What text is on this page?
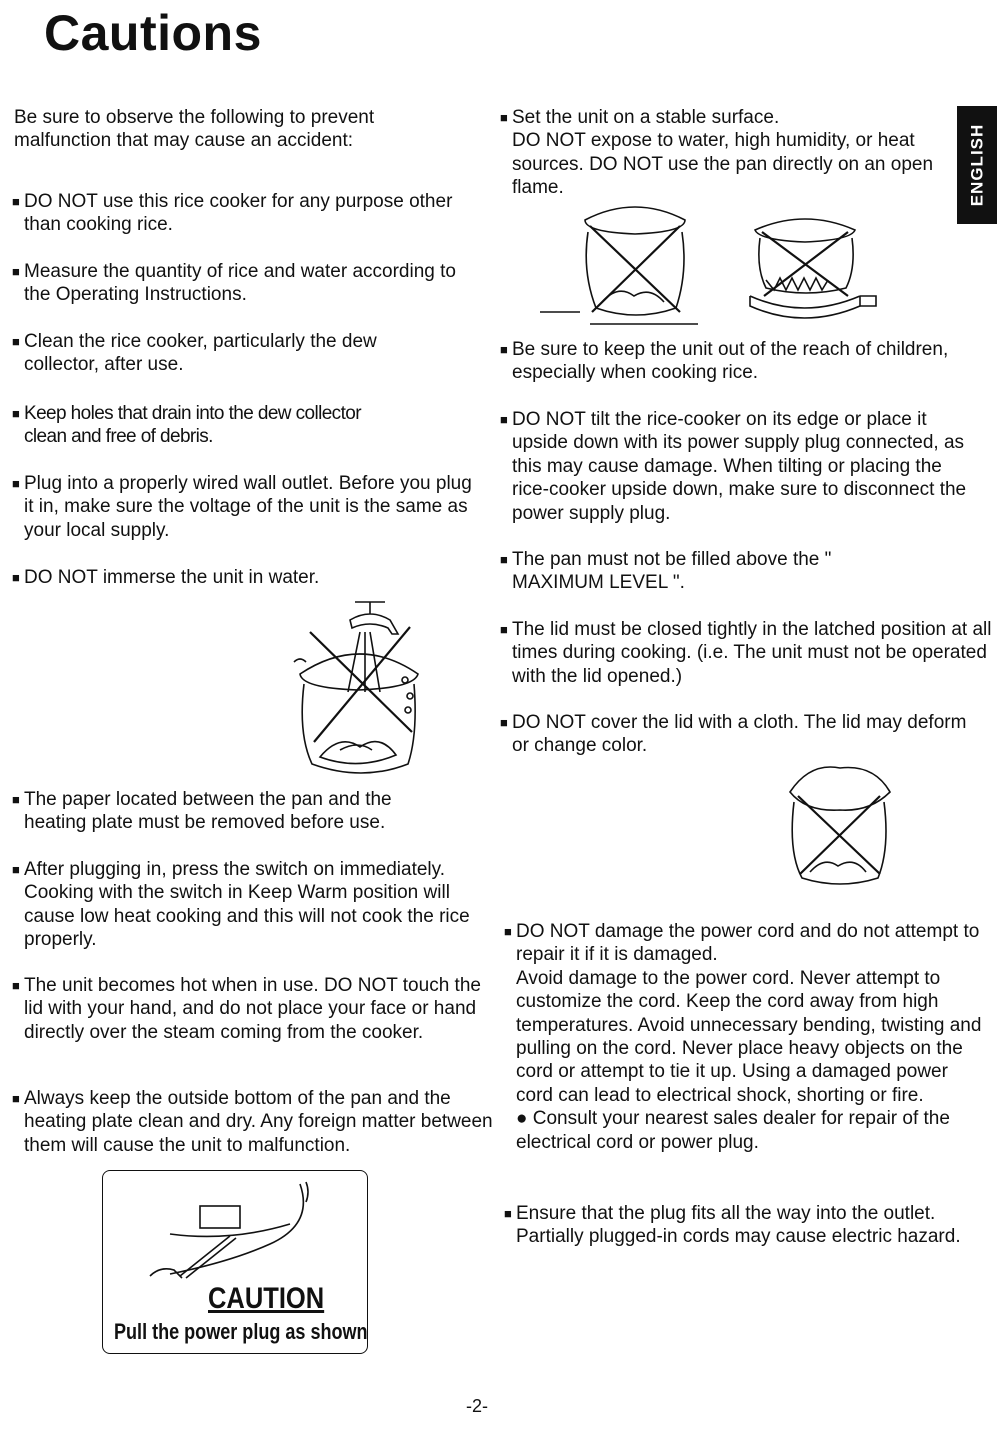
Cautions
ENGLISH

Be sure to observe the following to prevent malfunction that may cause an accident:

■ DO NOT use this rice cooker for any purpose other than cooking rice.

■ Measure the quantity of rice and water according to the Operating Instructions.

■ Clean the rice cooker, particularly the dew collector, after use.

■ Keep holes that drain into the dew collector clean and free of debris.

■ Plug into a properly wired wall outlet. Before you plug it in, make sure the voltage of the unit is the same as your local supply.

■ DO NOT immerse the unit in water.

■ The paper located between the pan and the heating plate must be removed before use.

■ After plugging in, press the switch on immediately. Cooking with the switch in Keep Warm position will cause low heat cooking and this will not cook the rice properly.

■ The unit becomes hot when in use. DO NOT touch the lid with your hand, and do not place your face or hand directly over the steam coming from the cooker.

■ Always keep the outside bottom of the pan and the heating plate clean and dry. Any foreign matter between them will cause the unit to malfunction.

CAUTION
Pull the power plug as shown
■ Set the unit on a stable surface.

DO NOT expose to water, high humidity, or heat sources. DO NOT use the pan directly on an open flame.

■ Be sure to keep the unit out of the reach of children, especially when cooking rice.

■ DO NOT tilt the rice-cooker on its edge or place it upside down with its power supply plug connected, as this may cause damage. When tilting or placing the rice-cooker upside down, make sure to disconnect the power supply plug.

■ The pan must not be filled above the " MAXIMUM LEVEL ".

■ The lid must be closed tightly in the latched position at all times during cooking. (i.e. The unit must not be operated with the lid opened.)

■ DO NOT cover the lid with a cloth. The lid may deform or change color.

■ DO NOT damage the power cord and do not attempt to repair it if it is damaged.

Avoid damage to the power cord. Never attempt to customize the cord. Keep the cord away from high temperatures. Avoid unnecessary bending, twisting and pulling on the cord. Never place heavy objects on the cord or attempt to tie it up. Using a damaged power cord can lead to electrical shock, shorting or fire.

● Consult your nearest sales dealer for repair of the electrical cord or power plug.

■ Ensure that the plug fits all the way into the outlet. Partially plugged-in cords may cause electric hazard.

-2-
